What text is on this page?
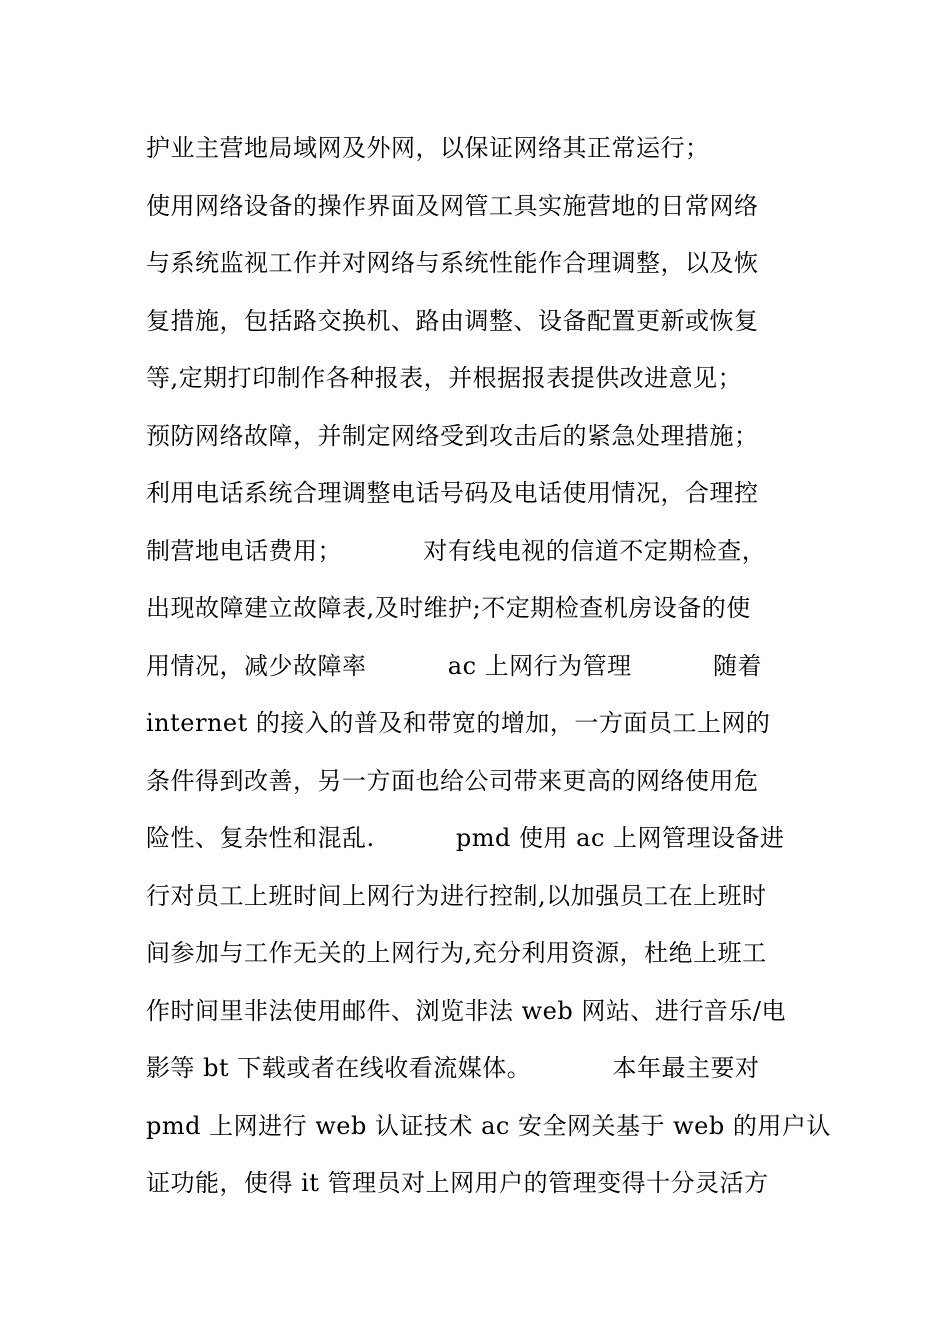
护业主营地局域网及外网，以保证网络其正常运行；
使用网络设备的操作界面及网管工具实施营地的日常网络
与系统监视工作并对网络与系统性能作合理调整，以及恢
复措施，包括路交换机、路由调整、设备配置更新或恢复
等,定期打印制作各种报表，并根据报表提供改进意见；
预防网络故障，并制定网络受到攻击后的紧急处理措施；
利用电话系统合理调整电话号码及电话使用情况，合理控
制营地电话费用；          对有线电视的信道不定期检查，
出现故障建立故障表,及时维护;不定期检查机房设备的使
用情况，减少故障率          ac 上网行为管理          随着
internet 的接入的普及和带宽的增加，一方面员工上网的
条件得到改善，另一方面也给公司带来更高的网络使用危
险性、复杂性和混乱.          pmd 使用 ac 上网管理设备进
行对员工上班时间上网行为进行控制,以加强员工在上班时
间参加与工作无关的上网行为,充分利用资源，杜绝上班工
作时间里非法使用邮件、浏览非法 web 网站、进行音乐/电
影等 bt 下载或者在线收看流媒体。          本年最主要对
pmd 上网进行 web 认证技术 ac 安全网关基于 web 的用户认
证功能，使得 it 管理员对上网用户的管理变得十分灵活方
